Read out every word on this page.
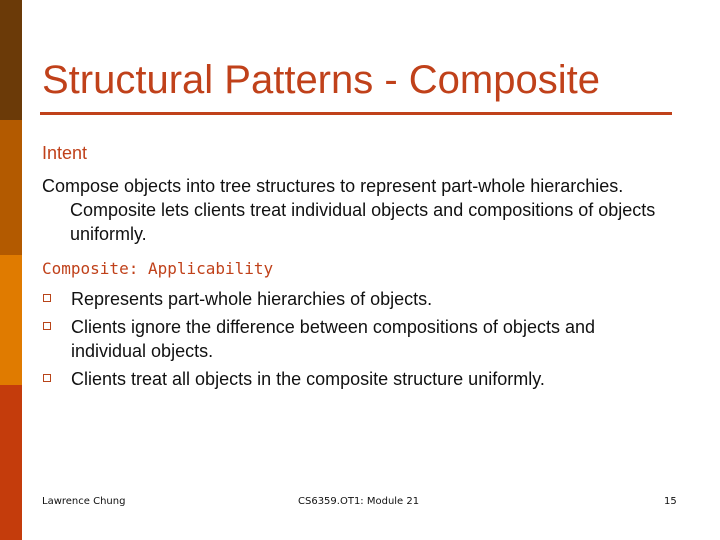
Structural Patterns - Composite
Intent
Compose objects into tree structures to represent part-whole hierarchies. Composite lets clients treat individual objects and compositions of objects uniformly.
Composite: Applicability
Represents part-whole hierarchies of objects.
Clients ignore the difference between compositions of objects and individual objects.
Clients treat all objects in the composite structure uniformly.
Lawrence Chung	CS6359.OT1: Module 21	15
